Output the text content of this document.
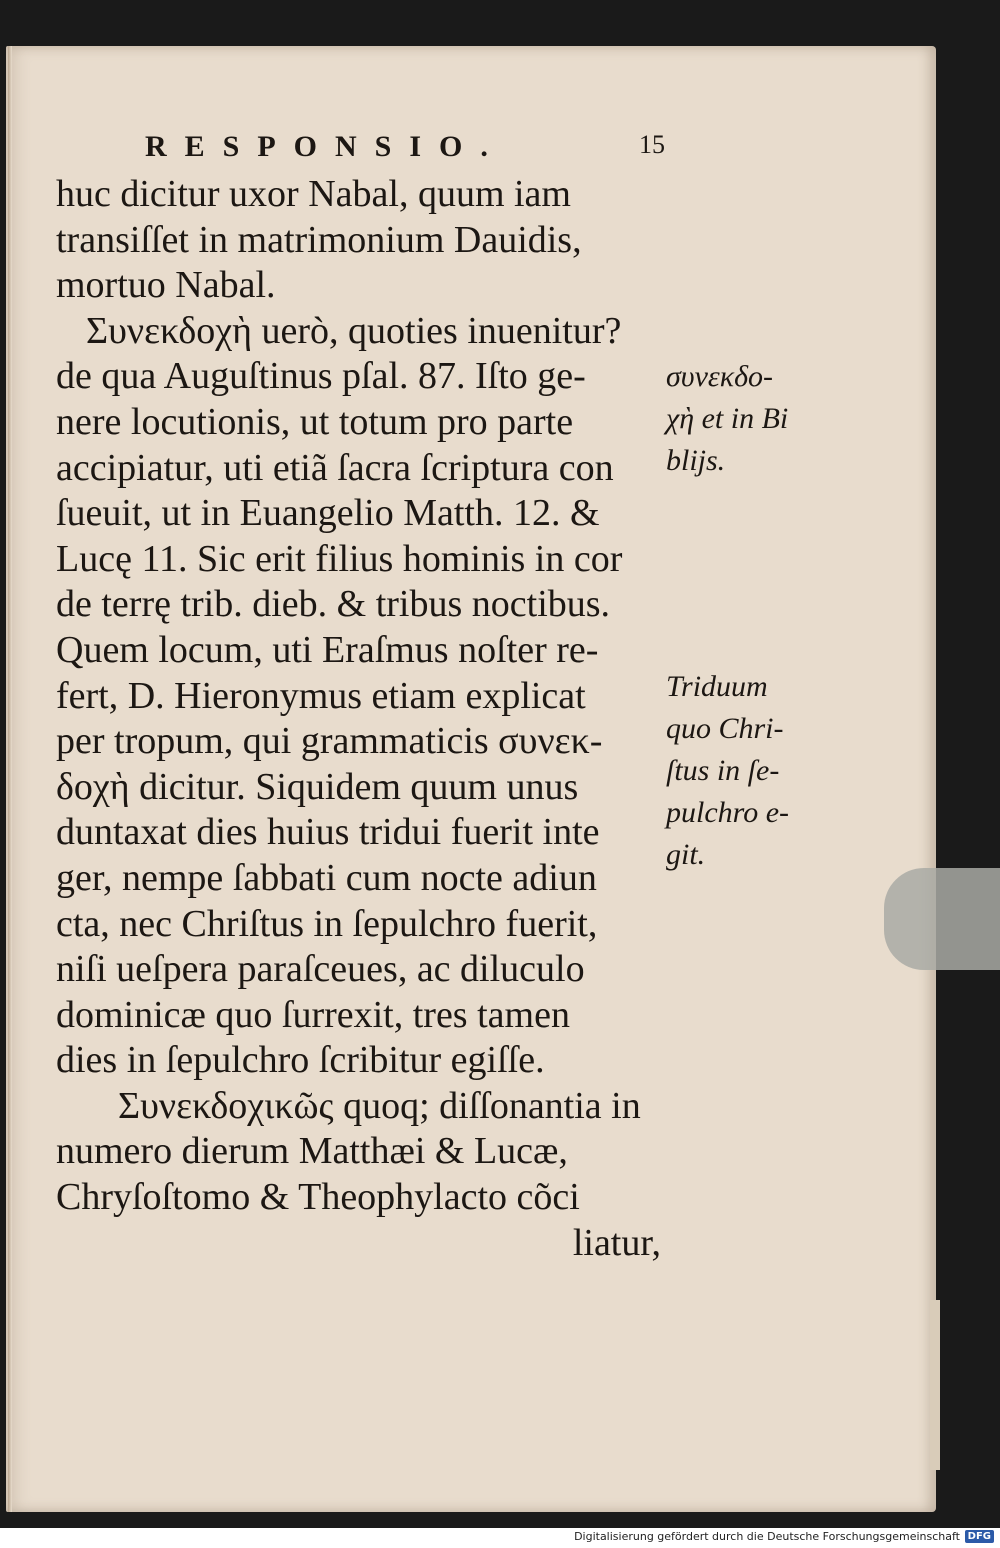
RESPONSIO.	15
huc dicitur uxor Nabal, quum iam
transiſſet in matrimonium Dauidis,
mortuo Nabal.
Συνεκδοχὴ uerò, quoties inuenitur?
de qua Auguſtinus pſal. 87. Iſto ge-
nere locutionis, ut totum pro parte
accipiatur, uti etiã ſacra ſcriptura con
ſueuit, ut in Euangelio Matth. 12. &
Lucę 11. Sic erit filius hominis in cor
de terrę trib. dieb. & tribus noctibus.
Quem locum, uti Eraſmus noſter re-
fert, D. Hieronymus etiam explicat
per tropum, qui grammaticis συνεκ-
δοχὴ dicitur. Siquidem quum unus
duntaxat dies huius tridui fuerit inte
ger, nempe ſabbati cum nocte adiun
cta, nec Chriſtus in ſepulchro fuerit,
niſi ueſpera paraſceues, ac diluculo
dominicæ quo ſurrexit, tres tamen
dies in ſepulchro ſcribitur egiſſe.
Συνεκδοχικῶς quoq; diſſonantia in
numero dierum Matthæi & Lucæ,
Chryſoſtomo & Theophylacto cõci
liatur,
συνεκδο-
χὴ et in Bi
blijs.
Triduum
quo Chri-
ſtus in ſe-
pulchro e-
git.
Digitalisierung gefördert durch die Deutsche Forschungsgemeinschaft DFG
